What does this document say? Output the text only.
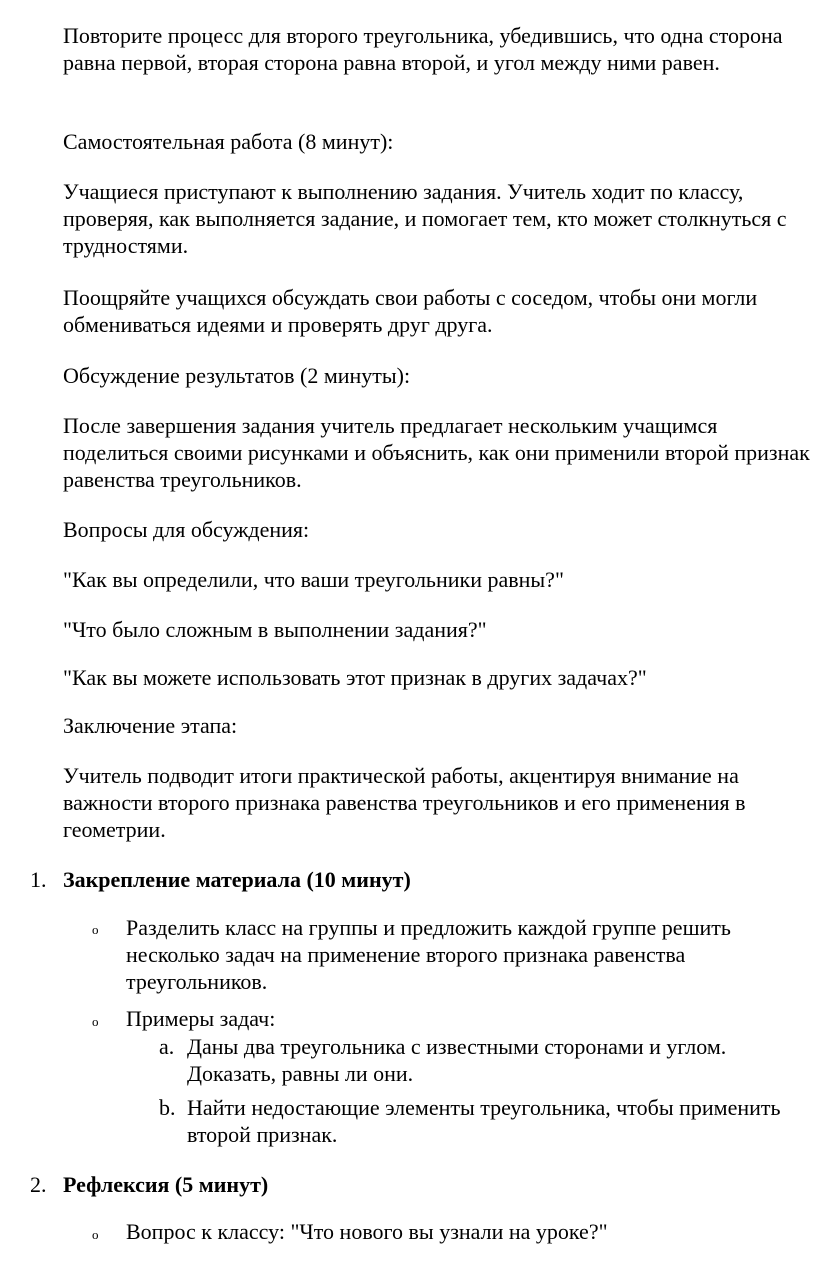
Повторите процесс для второго треугольника, убедившись, что одна сторона равна первой, вторая сторона равна второй, и угол между ними равен.

Самостоятельная работа (8 минут):

Учащиеся приступают к выполнению задания. Учитель ходит по классу, проверяя, как выполняется задание, и помогает тем, кто может столкнуться с трудностями.

Поощряйте учащихся обсуждать свои работы с соседом, чтобы они могли обмениваться идеями и проверять друг друга.

Обсуждение результатов (2 минуты):

После завершения задания учитель предлагает нескольким учащимся поделиться своими рисунками и объяснить, как они применили второй признак равенства треугольников.

Вопросы для обсуждения:

"Как вы определили, что ваши треугольники равны?"

"Что было сложным в выполнении задания?"

"Как вы можете использовать этот признак в других задачах?"

Заключение этапа:

Учитель подводит итоги практической работы, акцентируя внимание на важности второго признака равенства треугольников и его применения в геометрии.

1. Закрепление материала (10 минут)
o Разделить класс на группы и предложить каждой группе решить несколько задач на применение второго признака равенства треугольников.
o Примеры задач:
a. Даны два треугольника с известными сторонами и углом. Доказать, равны ли они.
b. Найти недостающие элементы треугольника, чтобы применить второй признак.
2. Рефлексия (5 минут)
o Вопрос к классу: "Что нового вы узнали на уроке?"
